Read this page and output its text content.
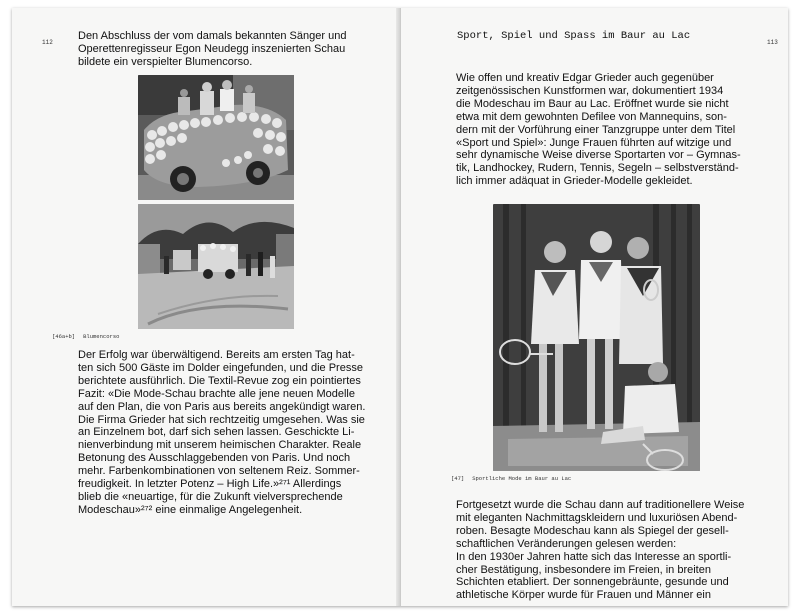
112
Den Abschluss der vom damals bekannten Sänger und
Operettenregisseur Egon Neudegg inszenierten Schau
bildete ein verspielter Blumencorso.
[46a+b] Blumencorso
Der Erfolg war überwältigend. Bereits am ersten Tag hat-
ten sich 500 Gäste im Dolder eingefunden, und die Presse
berichtete ausführlich. Die Textil-Revue zog ein pointiertes
Fazit: «Die Mode-Schau brachte alle jene neuen Modelle
auf den Plan, die von Paris aus bereits angekündigt waren.
Die Firma Grieder hat sich rechtzeitig umgesehen. Was sie
an Einzelnem bot, darf sich sehen lassen. Geschickte Li-
nienverbindung mit unserem heimischen Charakter. Reale
Betonung des Ausschlaggebenden von Paris. Und noch
mehr. Farbenkombinationen von seltenem Reiz. Sommer-
freudigkeit. In letzter Potenz – High Life.»²⁷¹ Allerdings
blieb die «neuartige, für die Zukunft vielversprechende
Modeschau»²⁷² eine einmalige Angelegenheit.
Sport, Spiel und Spass im Baur au Lac
113
Wie offen und kreativ Edgar Grieder auch gegenüber
zeitgenössischen Kunstformen war, dokumentiert 1934
die Modeschau im Baur au Lac. Eröffnet wurde sie nicht
etwa mit dem gewohnten Defilee von Mannequins, son-
dern mit der Vorführung einer Tanzgruppe unter dem Titel
«Sport und Spiel»: Junge Frauen führten auf witzige und
sehr dynamische Weise diverse Sportarten vor – Gymnas-
tik, Landhockey, Rudern, Tennis, Segeln – selbstverständ-
lich immer adäquat in Grieder-Modelle gekleidet.
[47] Sportliche Mode im Baur au Lac
Fortgesetzt wurde die Schau dann auf traditionellere Weise
mit eleganten Nachmittagskleidern und luxuriösen Abend-
roben. Besagte Modeschau kann als Spiegel der gesell-
schaftlichen Veränderungen gelesen werden:
In den 1930er Jahren hatte sich das Interesse an sportli-
cher Bestätigung, insbesondere im Freien, in breiten
Schichten etabliert. Der sonnengebräunte, gesunde und
athletische Körper wurde für Frauen und Männer ein
